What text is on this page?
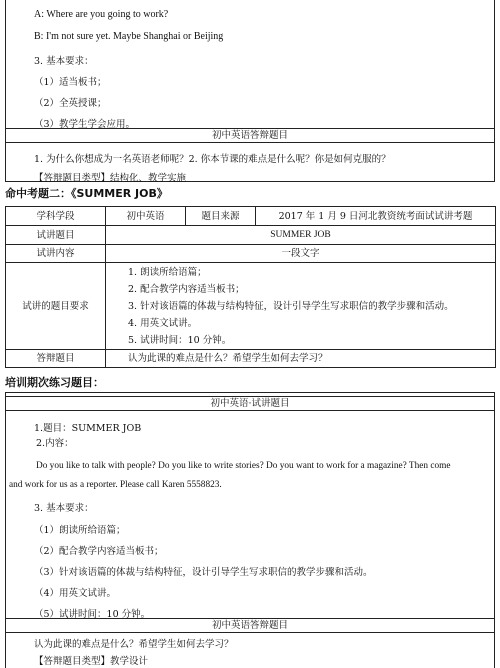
A: Where are you going to work?
B: I'm not sure yet. Maybe Shanghai or Beijing
3. 基本要求：
（1）适当板书；
（2）全英授课；
（3）教学生学会应用。
初中英语答辩题目
1. 为什么你想成为一名英语老师呢？2. 你本节课的难点是什么呢？你是如何克服的？
【答辩题目类型】结构化、教学实施
命中考题二：《SUMMER JOB》
学科学段	初中英语	题目来源	2017 年 1 月 9 日河北教资统考面试试讲考题
试讲题目	SUMMER JOB		
试讲内容	一段文字		
试讲的题目要求	1. 朗读所给语篇；
2. 配合教学内容适当板书；
3. 针对该语篇的体裁与结构特征，设计引导学生写求职信的教学步骤和活动。
4. 用英文试讲。
5. 试讲时间：10 分钟。		

答辩题目	认为此课的难点是什么？希望学生如何去学习？		
培训期次练习题目：
初中英语·试讲题目
1.题目：SUMMER JOB
2.内容：
Do you like to talk with people? Do you like to write stories? Do you want to work for a magazine? Then come
and work for us as a reporter. Please call Karen 5558823.
3. 基本要求：
（1）朗读所给语篇；
（2）配合教学内容适当板书；
（3）针对该语篇的体裁与结构特征，设计引导学生写求职信的教学步骤和活动。
（4）用英文试讲。
（5）试讲时间：10 分钟。
初中英语答辩题目
认为此课的难点是什么？希望学生如何去学习？
【答辩题目类型】教学设计
